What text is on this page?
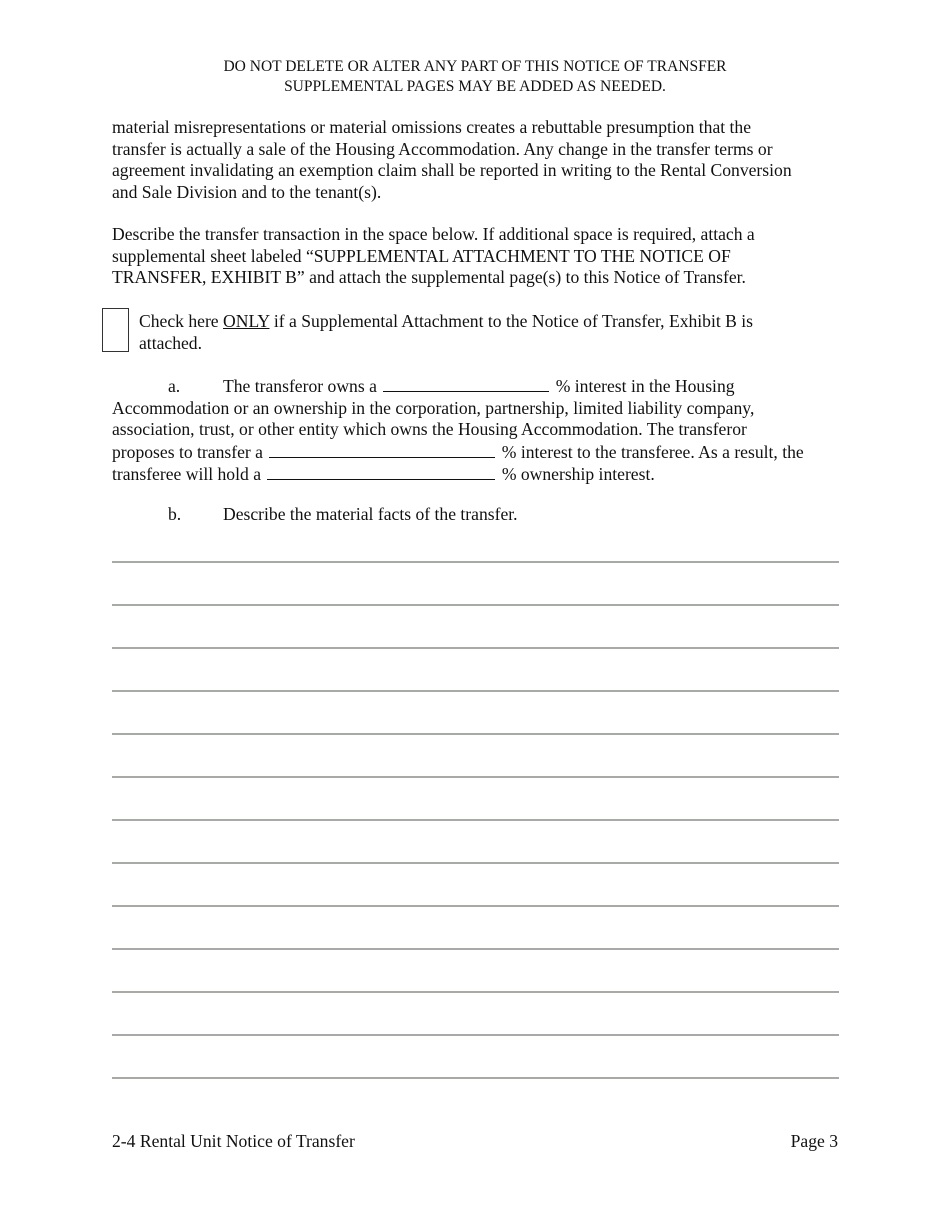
DO NOT DELETE OR ALTER ANY PART OF THIS NOTICE OF TRANSFER
SUPPLEMENTAL PAGES MAY BE ADDED AS NEEDED.
material misrepresentations or material omissions creates a rebuttable presumption that the
transfer is actually a sale of the Housing Accommodation. Any change in the transfer terms or
agreement invalidating an exemption claim shall be reported in writing to the Rental Conversion
and Sale Division and to the tenant(s).
Describe the transfer transaction in the space below. If additional space is required, attach a
supplemental sheet labeled “SUPPLEMENTAL ATTACHMENT TO THE NOTICE OF
TRANSFER, EXHIBIT B” and attach the supplemental page(s) to this Notice of Transfer.
Check here ONLY if a Supplemental Attachment to the Notice of Transfer, Exhibit B is
attached.
a. The transferor owns a	% interest in the Housing
Accommodation or an ownership in the corporation, partnership, limited liability company,
association, trust, or other entity which owns the Housing Accommodation. The transferor
proposes to transfer a	% interest to the transferee. As a result, the
transferee will hold a	% ownership interest.
b. Describe the material facts of the transfer.
2-4 Rental Unit Notice of Transfer	Page 3
